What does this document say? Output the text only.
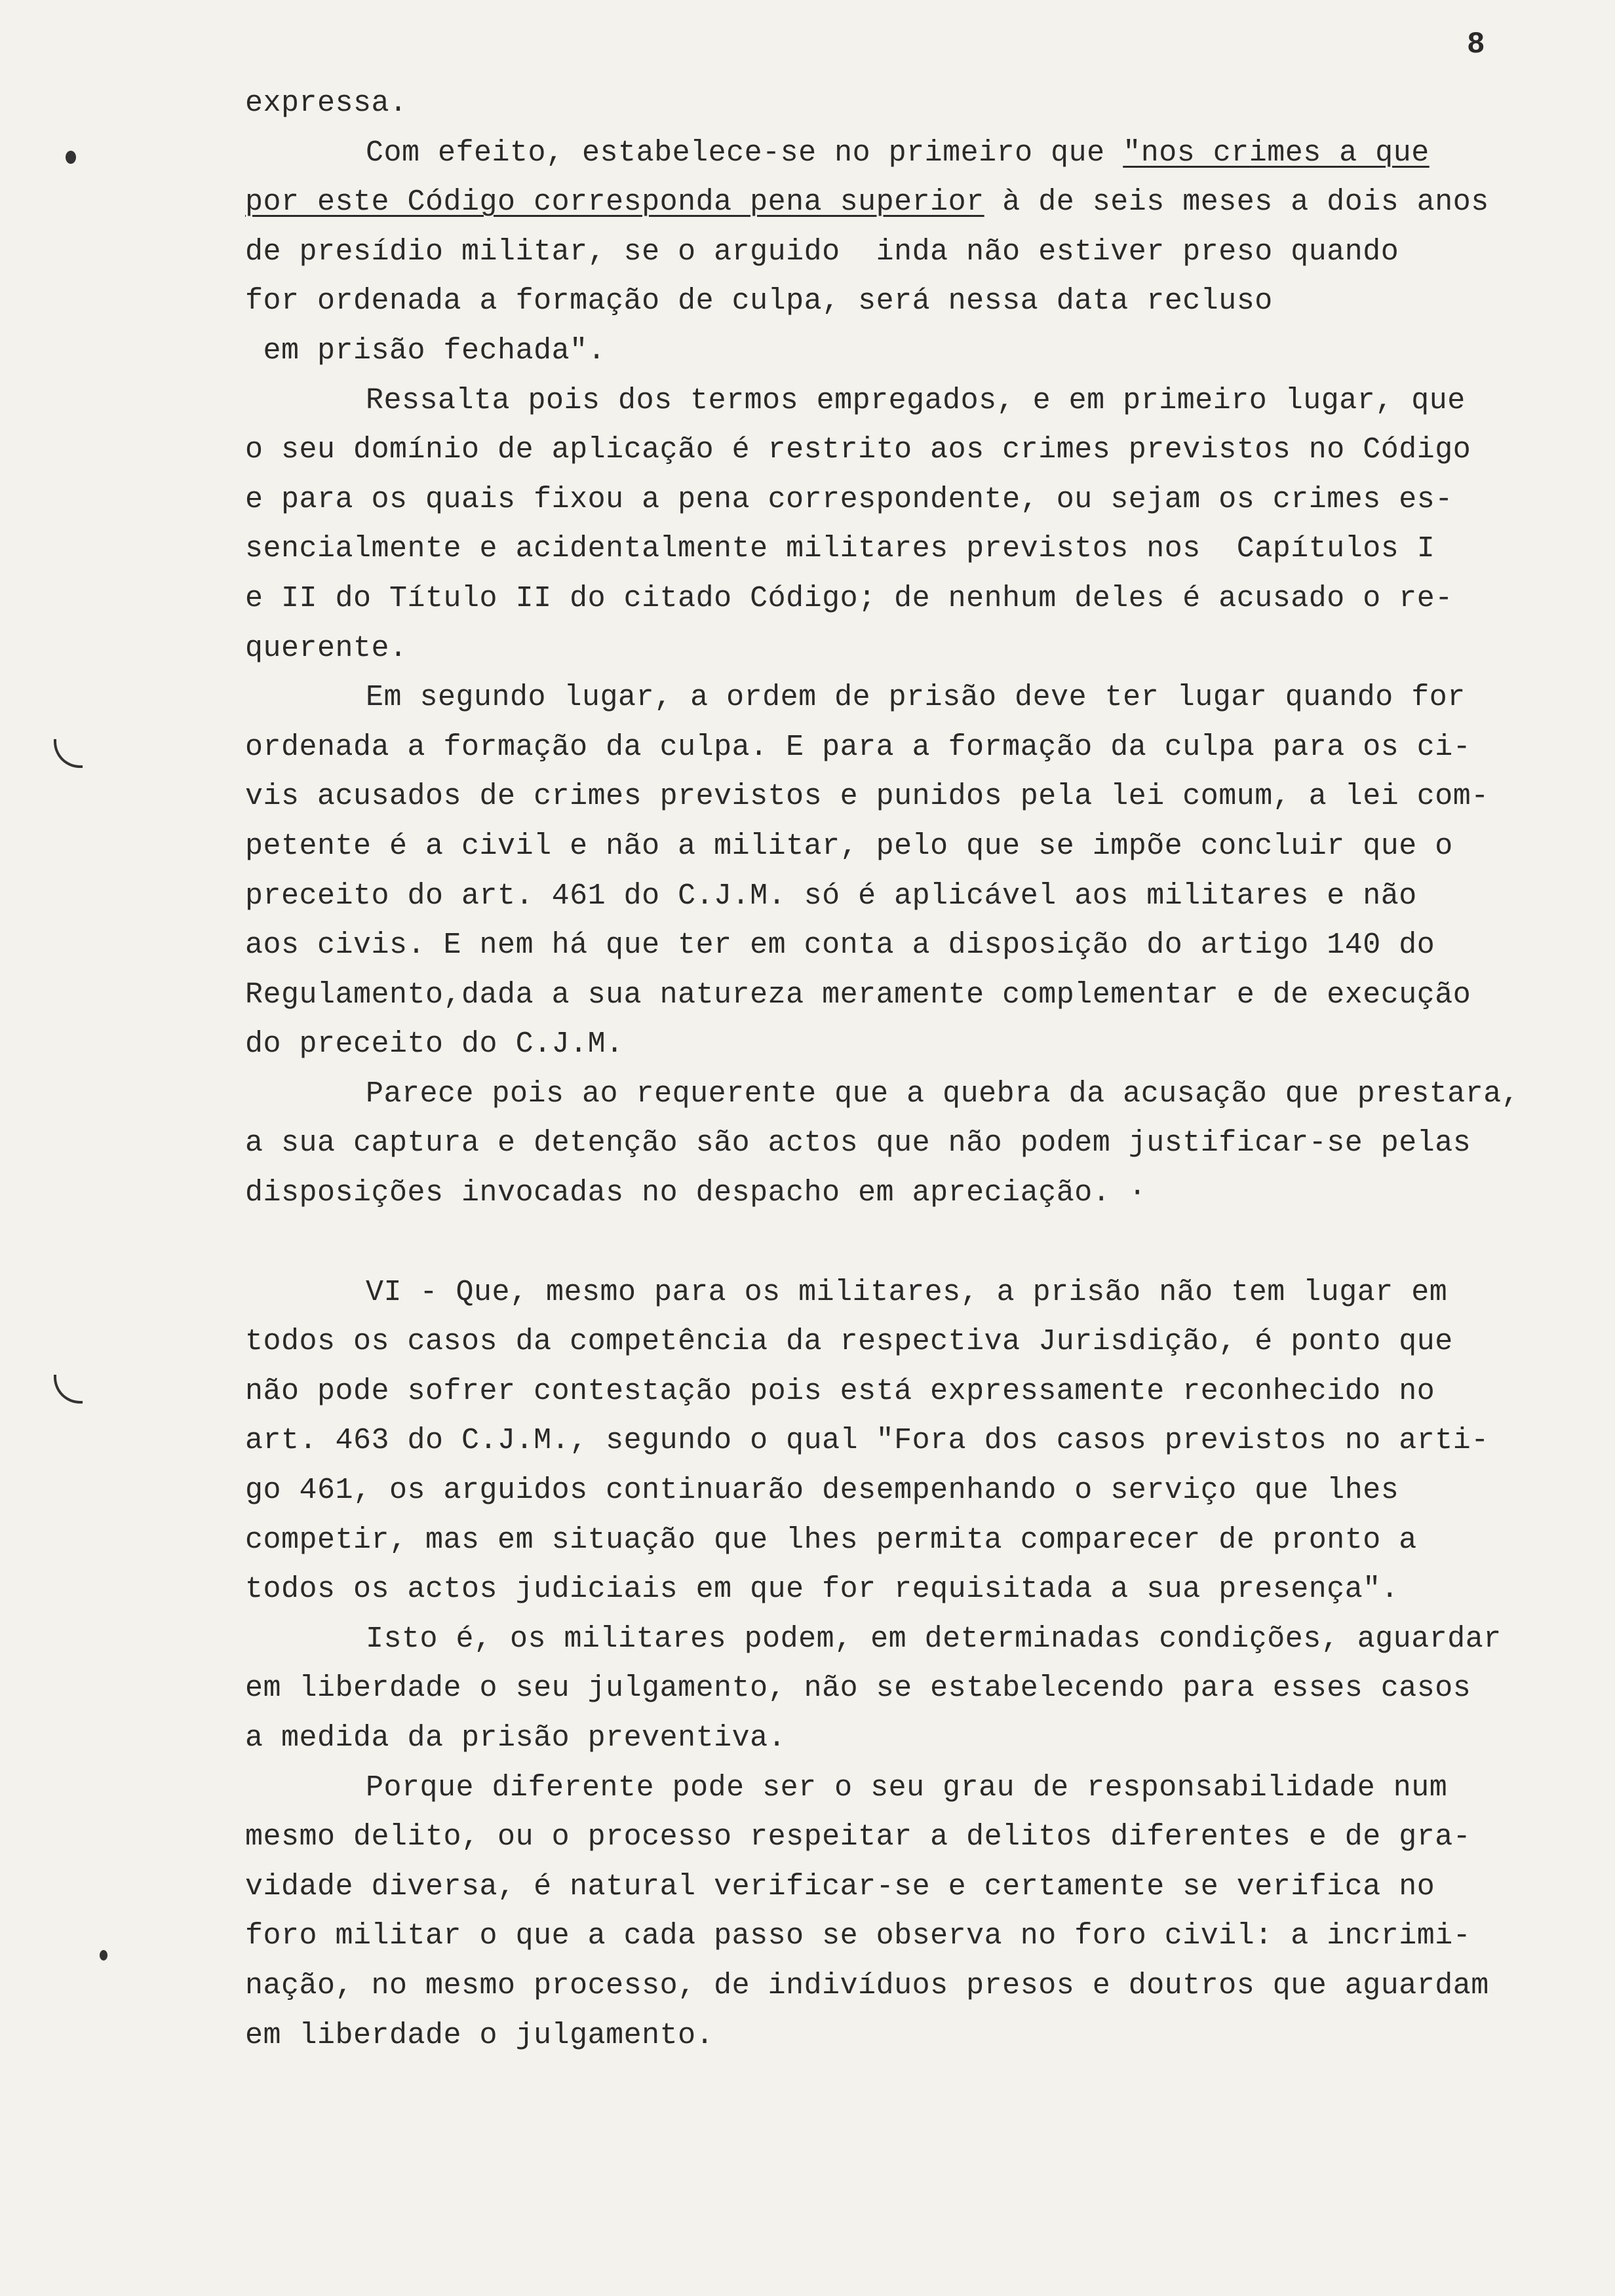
8
expressa.
Com efeito, estabelece-se no primeiro que "nos crimes a que
por este Código corresponda pena superior à de seis meses a dois anos
de presídio militar, se o arguido  inda não estiver preso quando
for ordenada a formação de culpa, será nessa data recluso
em prisão fechada".
Ressalta pois dos termos empregados, e em primeiro lugar, que
o seu domínio de aplicação é restrito aos crimes previstos no Código
e para os quais fixou a pena correspondente, ou sejam os crimes es-
sencialmente e acidentalmente militares previstos nos  Capítulos I
e II do Título II do citado Código; de nenhum deles é acusado o re-
querente.
Em segundo lugar, a ordem de prisão deve ter lugar quando for
ordenada a formação da culpa. E para a formação da culpa para os ci-
vis acusados de crimes previstos e punidos pela lei comum, a lei com-
petente é a civil e não a militar, pelo que se impõe concluir que o
preceito do art. 461 do C.J.M. só é aplicável aos militares e não
aos civis. E nem há que ter em conta a disposição do artigo 140 do
Regulamento,dada a sua natureza meramente complementar e de execução
do preceito do C.J.M.
Parece pois ao requerente que a quebra da acusação que prestara,
a sua captura e detenção são actos que não podem justificar-se pelas
disposições invocadas no despacho em apreciação. ·
VI - Que, mesmo para os militares, a prisão não tem lugar em
todos os casos da competência da respectiva Jurisdição, é ponto que
não pode sofrer contestação pois está expressamente reconhecido no
art. 463 do C.J.M., segundo o qual "Fora dos casos previstos no arti-
go 461, os arguidos continuarão desempenhando o serviço que lhes
competir, mas em situação que lhes permita comparecer de pronto a
todos os actos judiciais em que for requisitada a sua presença".
Isto é, os militares podem, em determinadas condições, aguardar
em liberdade o seu julgamento, não se estabelecendo para esses casos
a medida da prisão preventiva.
Porque diferente pode ser o seu grau de responsabilidade num
mesmo delito, ou o processo respeitar a delitos diferentes e de gra-
vidade diversa, é natural verificar-se e certamente se verifica no
foro militar o que a cada passo se observa no foro civil: a incrimi-
nação, no mesmo processo, de indivíduos presos e doutros que aguardam
em liberdade o julgamento.
